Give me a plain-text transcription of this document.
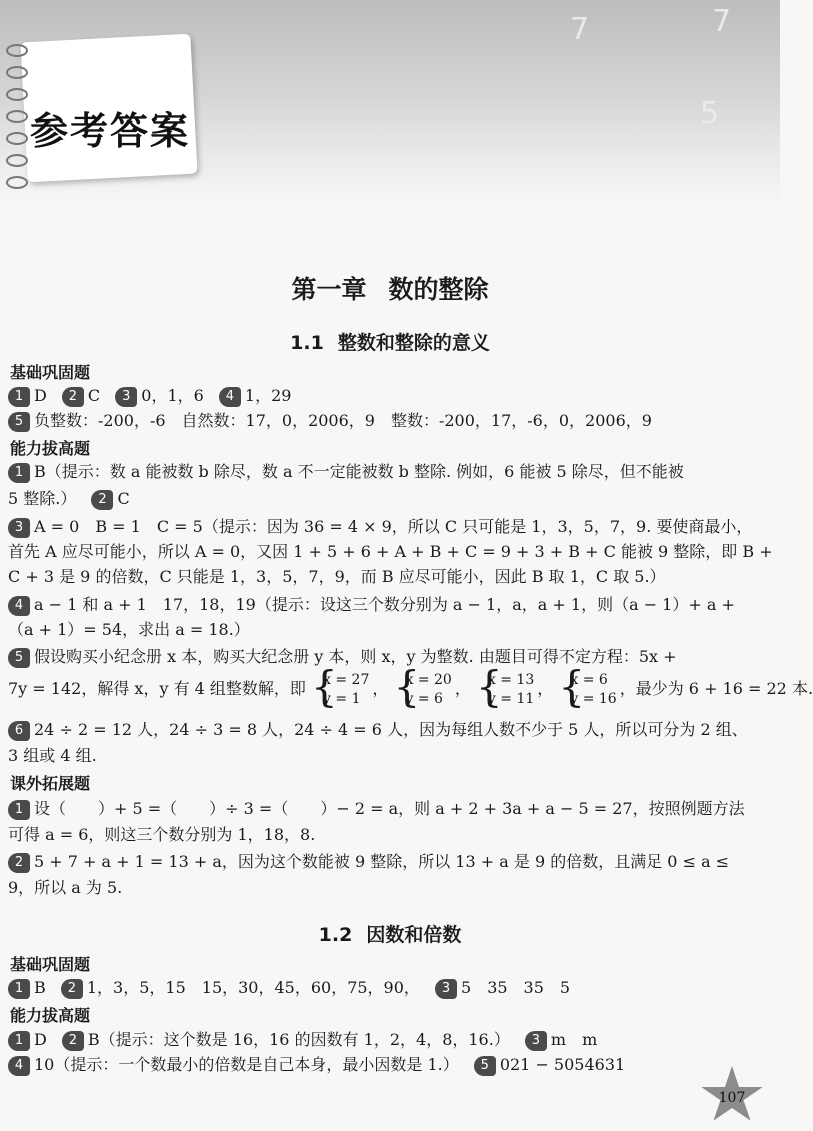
7
5
7
参考答案
第一章 数的整除
1.1 整数和整除的意义
基础巩固题
1 D 2 C 3 0，1，6 4 1，29
5 负整数：-200，-6　自然数：17，0，2006，9　整数：-200，17，-6，0，2006，9
能力拔高题
1 B（提示：数 a 能被数 b 除尽，数 a 不一定能被数 b 整除. 例如，6 能被 5 除尽，但不能被
5 整除.） 2 C
3 A = 0　B = 1　C = 5（提示：因为 36 = 4 × 9，所以 C 只可能是 1，3，5，7，9. 要使商最小，
首先 A 应尽可能小，所以 A = 0，又因 1 + 5 + 6 + A + B + C = 9 + 3 + B + C 能被 9 整除，即 B +
C + 3 是 9 的倍数，C 只能是 1，3，5，7，9，而 B 应尽可能小，因此 B 取 1，C 取 5.）
4 a − 1 和 a + 1　17，18，19（提示：设这三个数分别为 a − 1，a，a + 1，则（a − 1）+ a +
（a + 1）= 54，求出 a = 18.）
5 假设购买小纪念册 x 本，购买大纪念册 y 本，则 x，y 为整数. 由题目可得不定方程：5x +
7y = 142，解得 x，y 有 4 组整数解，即 { x = 27
y = 1， { x = 20
y = 6， { x = 13
y = 11， { x = 6
y = 16，最少为 6 + 16 = 22 本.
6 24 ÷ 2 = 12 人，24 ÷ 3 = 8 人，24 ÷ 4 = 6 人，因为每组人数不少于 5 人，所以可分为 2 组、
3 组或 4 组.
课外拓展题
1 设（　　）+ 5 =（　　）÷ 3 =（　　）− 2 = a，则 a + 2 + 3a + a − 5 = 27，按照例题方法
可得 a = 6，则这三个数分别为 1，18，8.
2 5 + 7 + a + 1 = 13 + a，因为这个数能被 9 整除，所以 13 + a 是 9 的倍数，且满足 0 ≤ a ≤
9，所以 a 为 5.
1.2 因数和倍数
基础巩固题
1 B 2 1，3，5，15　15，30，45，60，75，90， 3 5　35　35　5
能力拔高题
1 D 2 B（提示：这个数是 16，16 的因数有 1，2，4，8，16.） 3 m　m
4 10（提示：一个数最小的倍数是自己本身，最小因数是 1.） 5 021 − 5054631
107
